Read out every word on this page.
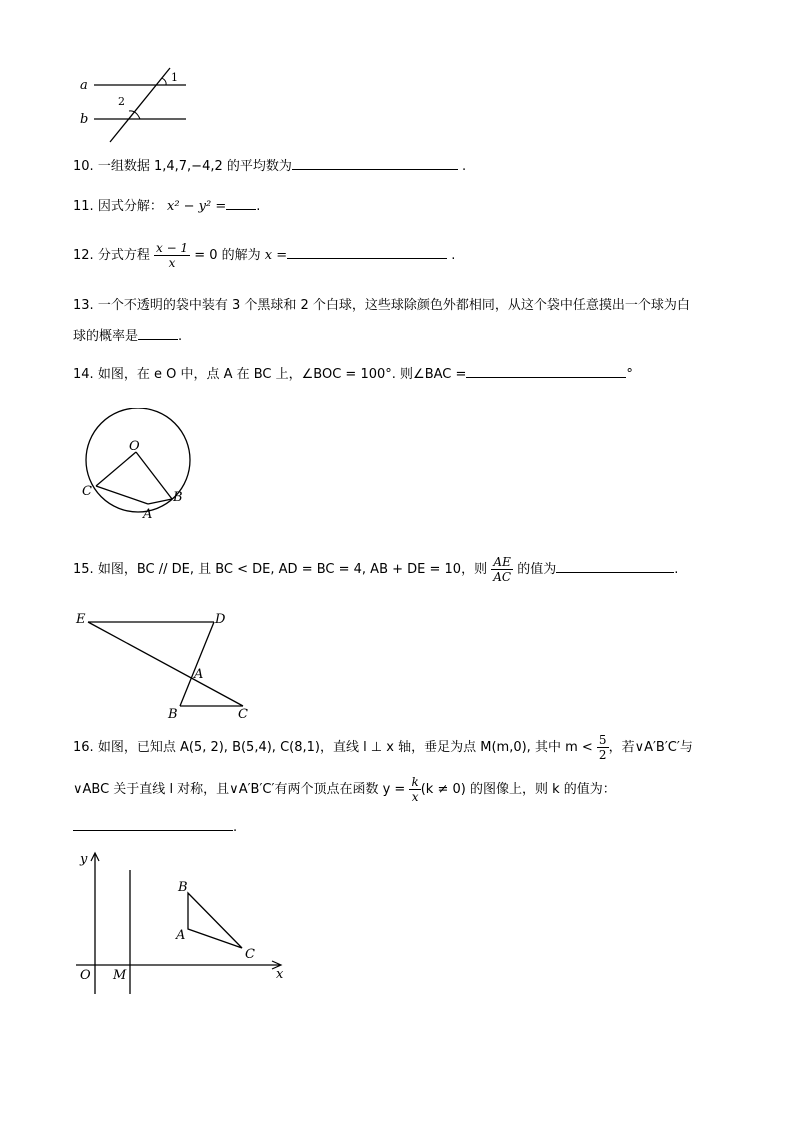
a
b
1
2
10. 一组数据 1,4,7,−4,2 的平均数为	.
11. 因式分解： x² − y² = .
12. 分式方程 $\frac{x - 1}{x} = 0$ 的解为 x =	.
13. 一个不透明的袋中装有 3 个黑球和 2 个白球，这些球除颜色外都相同，从这个袋中任意摸出一个球为白
球的概率是	.
14. 如图，在 e O 中，点 A 在 BC 上，∠BOC = 100°. 则∠BAC =	°
O
C	B
A
15. 如图，BC // DE, 且 BC < DE, AD = BC = 4, AB + DE = 10，则 $\frac{AE}{AC}$ 的值为	.
E	D
A
B	C
16. 如图，已知点 A(5, 2), B(5,4), C(8,1)，直线 l ⊥ x 轴，垂足为点 M(m,0), 其中 $m < \frac{5}{2}$ ，若∨A′B′C′与
∨ABC 关于直线 l 对称，且∨A′B′C′有两个顶点在函数 $y = \frac{k}{x} (k \ne 0)$ 的图像上，则 k 的值为：
.
y
x
O M
B
A
C
